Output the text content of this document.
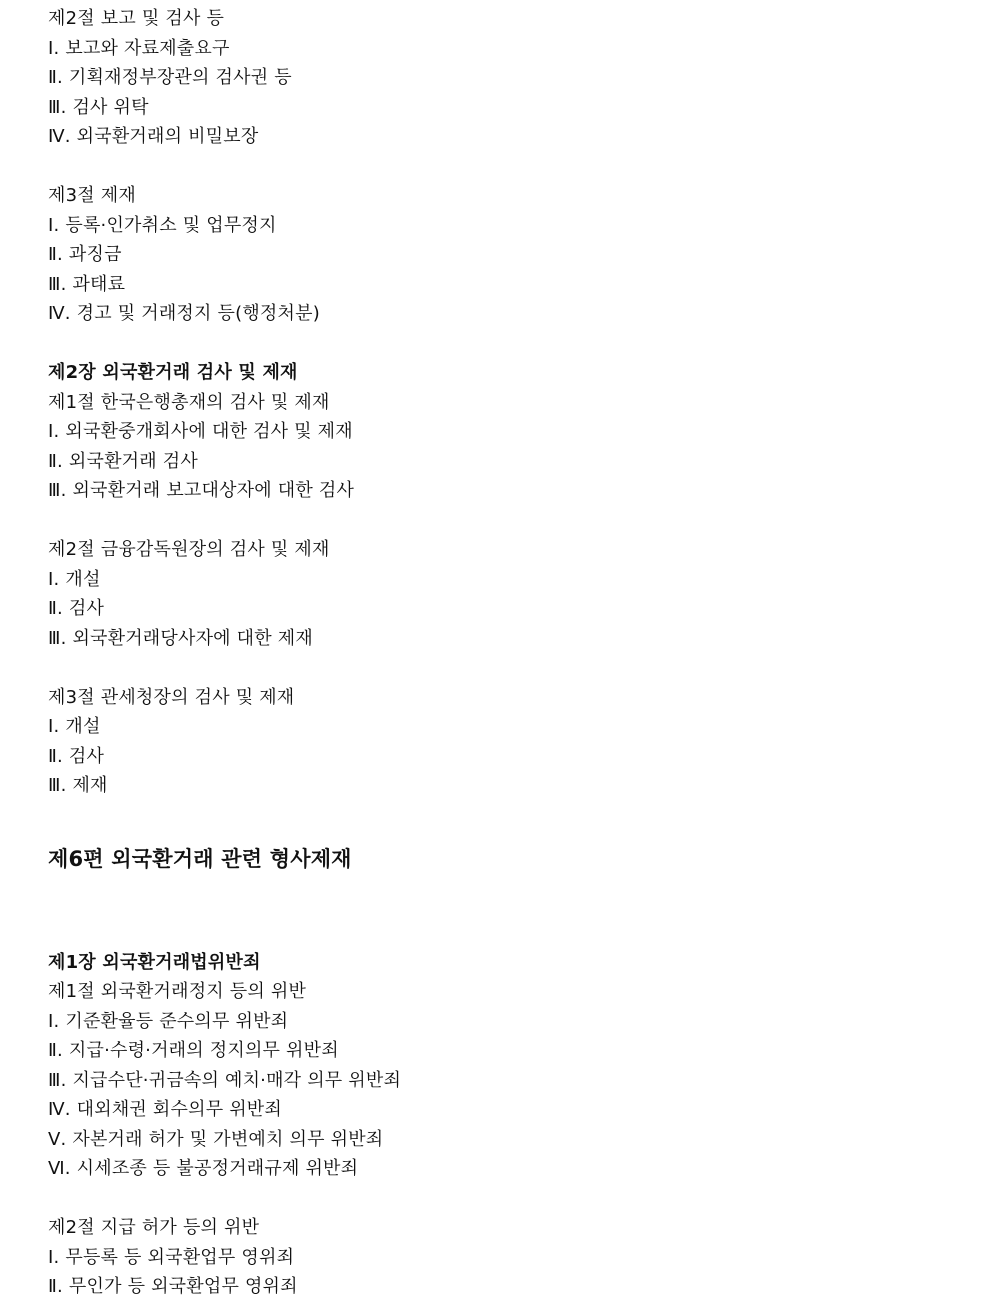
제2절 보고 및 검사 등
Ⅰ. 보고와 자료제출요구
Ⅱ. 기획재정부장관의 검사권 등
Ⅲ. 검사 위탁
Ⅳ. 외국환거래의 비밀보장
제3절 제재
Ⅰ. 등록·인가취소 및 업무정지
Ⅱ. 과징금
Ⅲ. 과태료
Ⅳ. 경고 및 거래정지 등(행정처분)
제2장 외국환거래 검사 및 제재
제1절 한국은행총재의 검사 및 제재
Ⅰ. 외국환중개회사에 대한 검사 및 제재
Ⅱ. 외국환거래 검사
Ⅲ. 외국환거래 보고대상자에 대한 검사
제2절 금융감독원장의 검사 및 제재
Ⅰ. 개설
Ⅱ. 검사
Ⅲ. 외국환거래당사자에 대한 제재
제3절 관세청장의 검사 및 제재
Ⅰ. 개설
Ⅱ. 검사
Ⅲ. 제재
제6편 외국환거래 관련 형사제재
제1장 외국환거래법위반죄
제1절 외국환거래정지 등의 위반
Ⅰ. 기준환율등 준수의무 위반죄
Ⅱ. 지급·수령·거래의 정지의무 위반죄
Ⅲ. 지급수단·귀금속의 예치·매각 의무 위반죄
Ⅳ. 대외채권 회수의무 위반죄
Ⅴ. 자본거래 허가 및 가변예치 의무 위반죄
Ⅵ. 시세조종 등 불공정거래규제 위반죄
제2절 지급 허가 등의 위반
Ⅰ. 무등록 등 외국환업무 영위죄
Ⅱ. 무인가 등 외국환업무 영위죄
